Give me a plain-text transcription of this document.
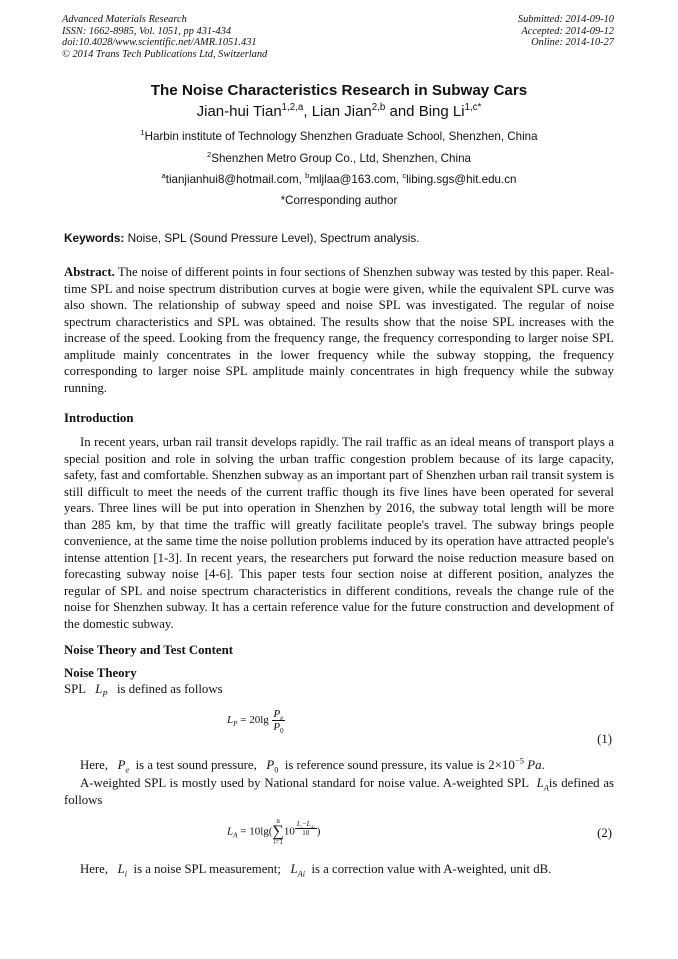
Advanced Materials Research
ISSN: 1662-8985, Vol. 1051, pp 431-434
doi:10.4028/www.scientific.net/AMR.1051.431
© 2014 Trans Tech Publications Ltd, Switzerland
Submitted: 2014-09-10
Accepted: 2014-09-12
Online: 2014-10-27
The Noise Characteristics Research in Subway Cars
Jian-hui Tian$^{1,2,a}$, Lian Jian$^{2,b}$ and Bing $Li^{1,c*}$
$^1$Harbin institute of Technology Shenzhen Graduate School, Shenzhen, China
$^2$Shenzhen Metro Group Co., Ltd, Shenzhen, China
$^a$tianjianhui8@hotmail.com, $^b$mljlaa@163.com, $^c$libing.sgs@hit.edu.cn
*Corresponding author
Keywords: Noise, SPL (Sound Pressure Level), Spectrum analysis.
Abstract. The noise of different points in four sections of Shenzhen subway was tested by this paper. Real-time SPL and noise spectrum distribution curves at bogie were given, while the equivalent SPL curve was also shown. The relationship of subway speed and noise SPL was investigated. The regular of noise spectrum characteristics and SPL was obtained. The results show that the noise SPL increases with the increase of the speed. Looking from the frequency range, the frequency corresponding to larger noise SPL amplitude mainly concentrates in the lower frequency while the subway stopping, the frequency corresponding to larger noise SPL amplitude mainly concentrates in high frequency while the subway running.
Introduction
In recent years, urban rail transit develops rapidly. The rail traffic as an ideal means of transport plays a special position and role in solving the urban traffic congestion problem because of its large capacity, safety, fast and comfortable. Shenzhen subway as an important part of Shenzhen urban rail transit system is still difficult to meet the needs of the current traffic though its five lines have been operated for several years. Three lines will be put into operation in Shenzhen by 2016, the subway total length will be more than 285 km, by that time the traffic will greatly facilitate people's travel. The subway brings people convenience, at the same time the noise pollution problems induced by its operation have attracted people's intense attention [1-3]. In recent years, the researchers put forward the noise reduction measure based on forecasting subway noise [4-6]. This paper tests four section noise at different position, analyzes the regular of SPL and noise spectrum characteristics in different conditions, reveals the change rule of the noise for Shenzhen subway. It has a certain reference value for the future construction and development of the domestic subway.
Noise Theory and Test Content
Noise Theory
SPL $L_P$ is defined as follows
$L_P = 20\lg \frac{P_e}{P_0}$
(1)
Here, $P_e$ is a test sound pressure, $P_0$ is reference sound pressure, its value is $2\times 10^{-5}$ Pa.
A-weighted SPL is mostly used by National standard for noise value. A-weighted SPL $L_Ais$ defined as follows
$L_A = 10\lg$(
n
∑
i=1
10 $^{\frac{L_i-L_{Ai}}{10}}$ )	(2)
Here, $L_i$ is a noise SPL measurement; $L_{Ai}$ is a correction value with A-weighted, unit dB.
